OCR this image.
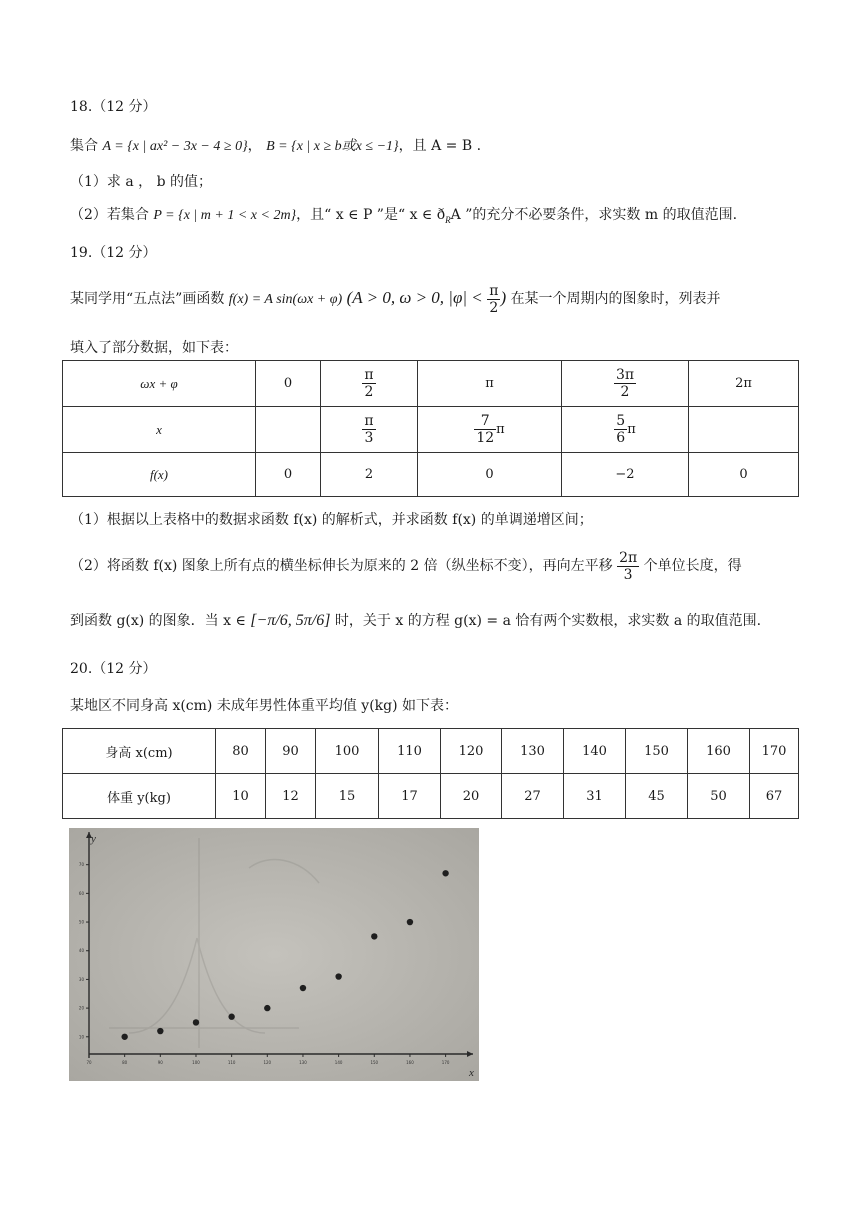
18.（12 分）
集合 A = {x | ax² − 3x − 4 ≥ 0}， B = {x | x ≥ b或x ≤ −1}，且 A = B .
（1）求 a ， b 的值；
（2）若集合 P = {x | m + 1 < x < 2m}，且“ x ∈ P ”是“ x ∈ $ð_RA$ ”的充分不必要条件，求实数 m 的取值范围.
19.（12 分）
某同学用“五点法”画函数 f(x) = A sin(ωx + φ) (A > 0, ω > 0, $|\varphi| < \frac{\pi}{2}$ ) 在某一个周期内的图象时，列表并
填入了部分数据，如下表：
ωx + φ	0	$\frac{\pi}{2}$	π	$\frac{3\pi}{2}$	2π
x		$\frac{\pi}{3}$	$\frac{7}{12}$ π	$\frac{5}{6}$ π	
f(x)	0	2	0	−2	0
（1）根据以上表格中的数据求函数 f(x) 的解析式，并求函数 f(x) 的单调递增区间；
（2）将函数 f(x) 图象上所有点的横坐标伸长为原来的 2 倍（纵坐标不变），再向左平移 $\frac{2\pi}{3}$ 个单位长度，得
到函数 g(x) 的图象．当 x ∈ [−π/6, 5π/6] 时，关于 x 的方程 g(x) = a 恰有两个实数根，求实数 a 的取值范围.
20.（12 分）
某地区不同身高 x(cm) 未成年男性体重平均值 y(kg) 如下表：
身高 x(cm)	80	90	100	110	120	130	140	150	160	170
体重 y(kg)	10	12	15	17	20	27	31	45	50	67
x
y
70	80	90	100	110	120	130	140	150	160	170
10
20
30
40
50
60
70
